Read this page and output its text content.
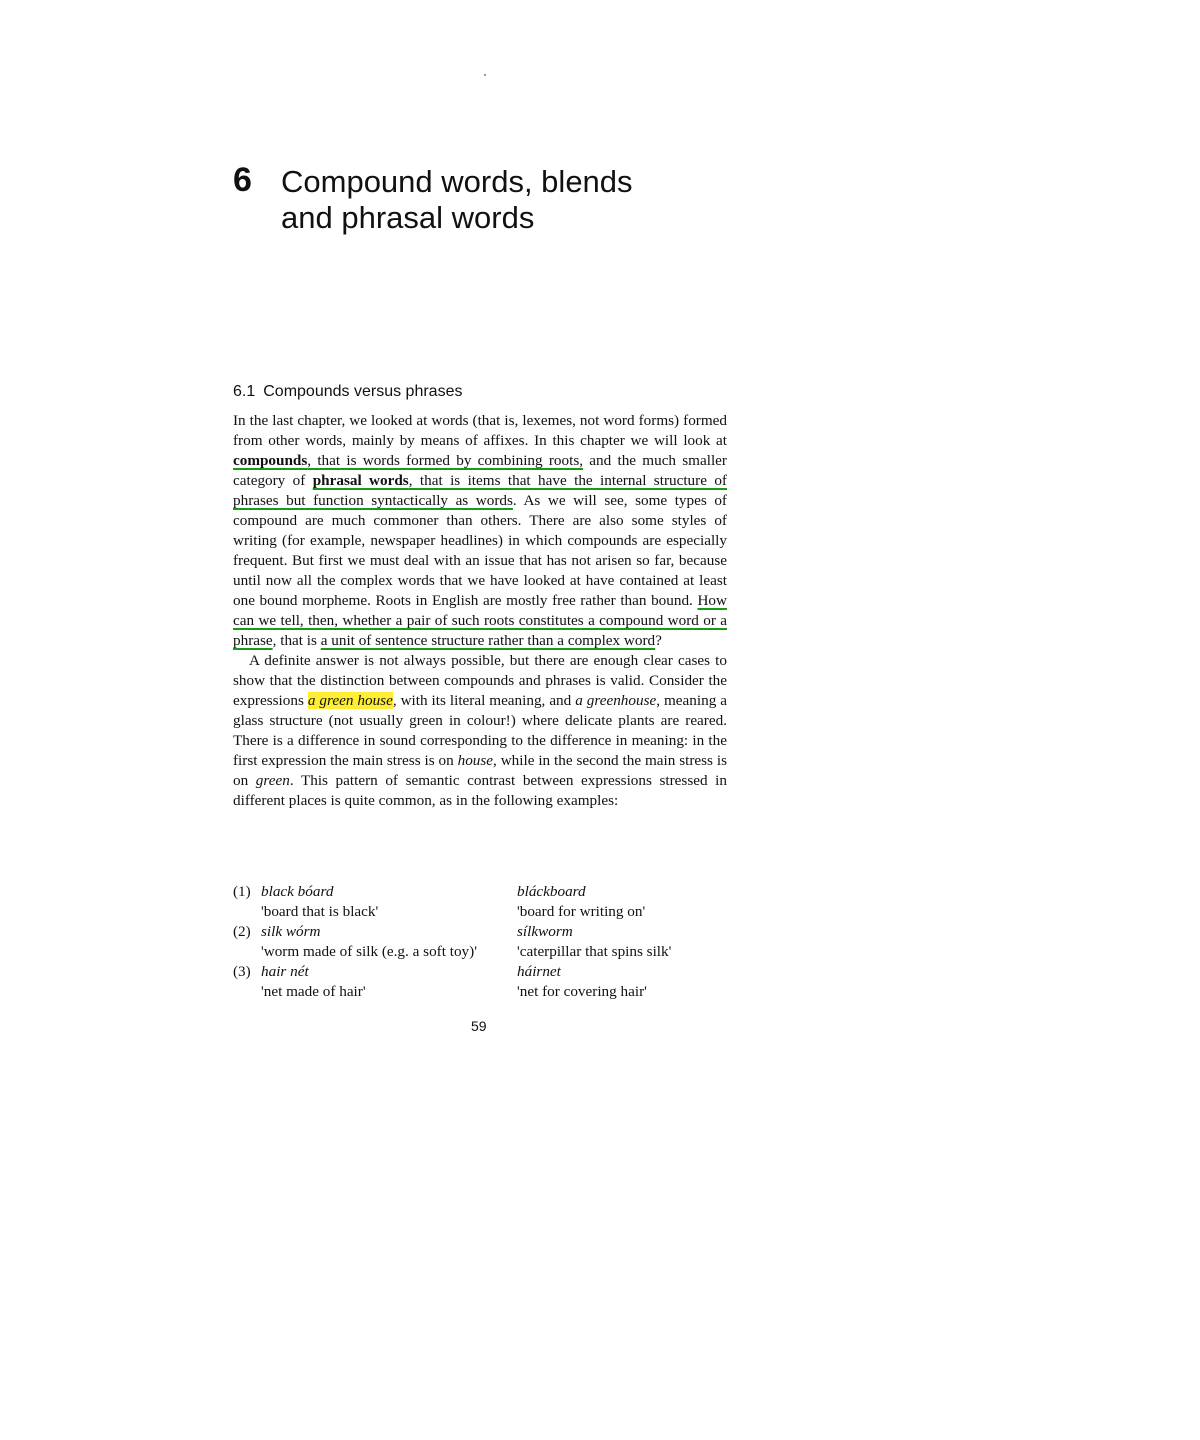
6 Compound words, blends
and phrasal words
6.1 Compounds versus phrases

In the last chapter, we looked at words (that is, lexemes, not word forms) formed from other words, mainly by means of affixes. In this chapter we will look at compounds, that is words formed by combining roots, and the much smaller category of phrasal words, that is items that have the internal structure of phrases but function syntactically as words. As we will see, some types of compound are much commoner than others. There are also some styles of writing (for example, newspaper headlines) in which compounds are especially frequent. But first we must deal with an issue that has not arisen so far, because until now all the complex words that we have looked at have contained at least one bound morpheme. Roots in English are mostly free rather than bound. How can we tell, then, whether a pair of such roots constitutes a compound word or a phrase, that is a unit of sentence structure rather than a complex word?

A definite answer is not always possible, but there are enough clear cases to show that the distinction between compounds and phrases is valid. Consider the expressions a green house, with its literal meaning, and a greenhouse, meaning a glass structure (not usually green in colour!) where delicate plants are reared. There is a difference in sound corresponding to the difference in meaning: in the first expression the main stress is on house, while in the second the main stress is on green. This pattern of semantic contrast between expressions stressed in different places is quite common, as in the following examples:

(1) black bóard	bláckboard
'board that is black'	'board for writing on'
(2) silk wórm	sílkworm
'worm made of silk (e.g. a soft toy)'	'caterpillar that spins silk'
(3) hair nét	háirnet
'net made of hair'	'net for covering hair'
59
